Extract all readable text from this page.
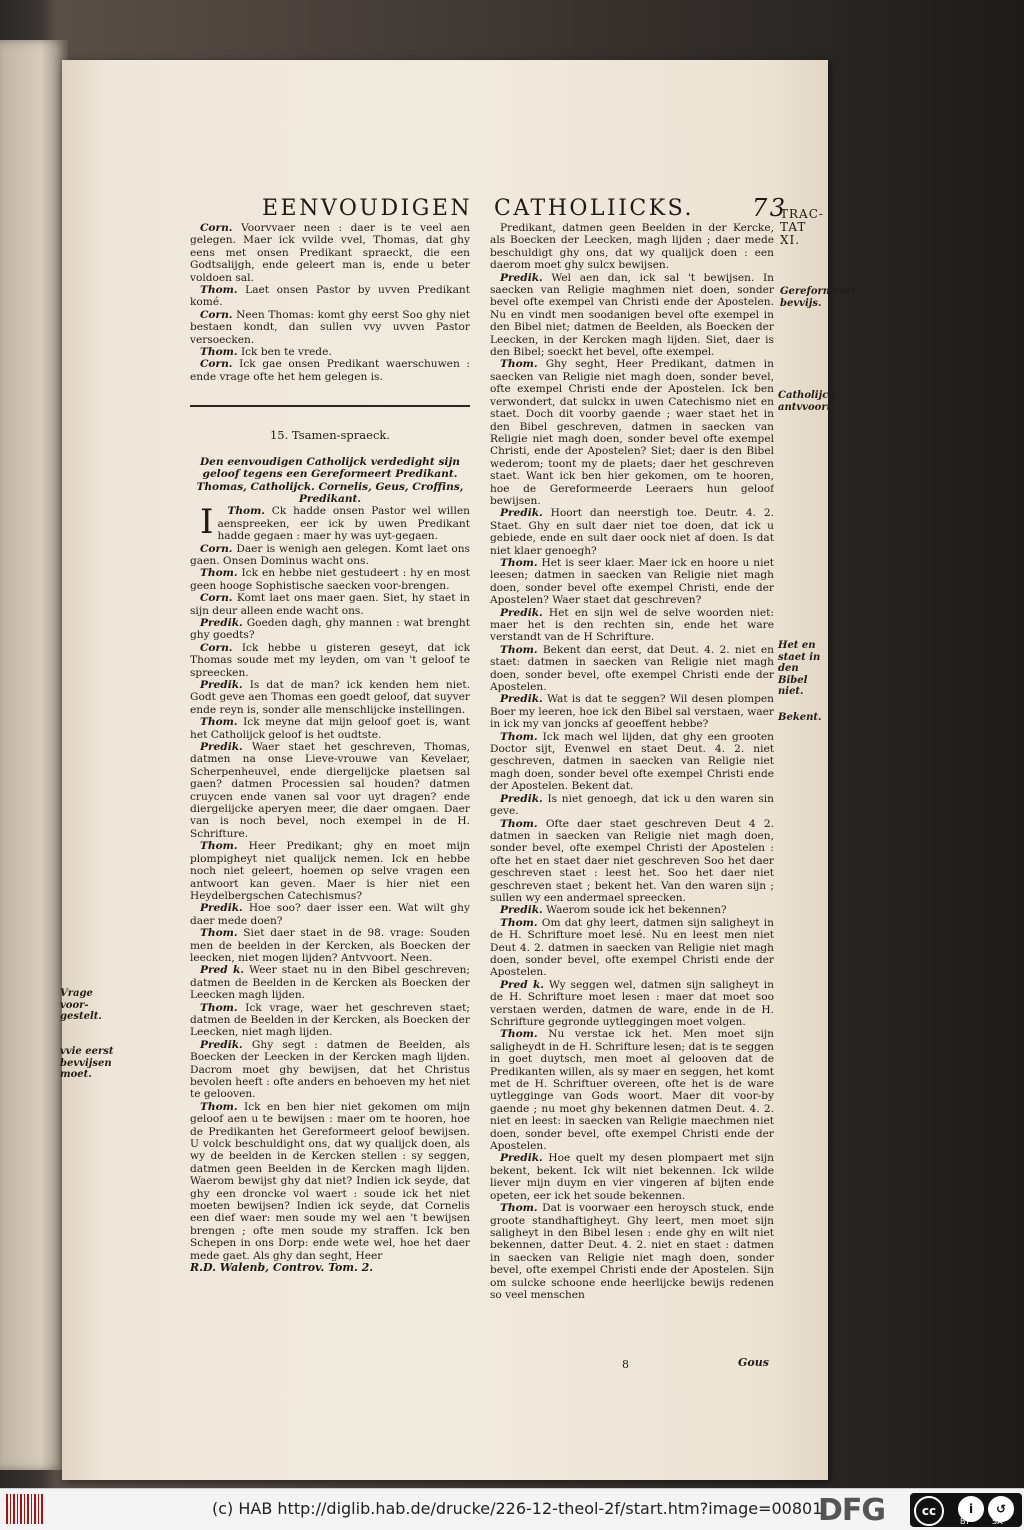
EENVOUDIGEN CATHOLIICKS. 73
TRAC-
TAT XI.

Corn. Voorvvaer neen : daer is te veel aen gelegen. Maer ick vvilde vvel, Thomas, dat ghy eens met onsen Predikant spraeckt, die een Godtsalijgh, ende geleert man is, ende u beter voldoen sal.

Thom. Laet onsen Pastor by uvven Predikant komé.

Corn. Neen Thomas: komt ghy eerst Soo ghy niet bestaen kondt, dan sullen vvy uvven Pastor versoecken.

Thom. Ick ben te vrede.

Corn. Ick gae onsen Predikant waerschuwen : ende vrage ofte het hem gelegen is.

15. Tsamen-spraeck.

Den eenvoudigen Catholijck verdedight sijn geloof tegens een Gereformeert Predikant.

Thomas, Catholijck. Cornelis, Geus, Croffins, Predikant.

I Thom. Ck hadde onsen Pastor wel willen aenspreeken, eer ick by uwen Predikant hadde gegaen : maer hy was uyt-gegaen.

Corn. Daer is wenigh aen gelegen. Komt laet ons gaen. Onsen Dominus wacht ons.

Thom. Ick en hebbe niet gestudeert : hy en most geen hooge Sophistische saecken voor-brengen.

Corn. Komt laet ons maer gaen. Siet, hy staet in sijn deur alleen ende wacht ons.

Predik. Goeden dagh, ghy mannen : wat brenght ghy goedts?

Corn. Ick hebbe u gisteren geseyt, dat ick Thomas soude met my leyden, om van 't geloof te spreecken.

Predik. Is dat de man? ick kenden hem niet. Godt geve aen Thomas een goedt geloof, dat suyver ende reyn is, sonder alle menschlijcke instellingen.

Thom. Ick meyne dat mijn geloof goet is, want het Catholijck geloof is het oudtste.

Predik. Waer staet het geschreven, Thomas, datmen na onse Lieve-vrouwe van Kevelaer, Scherpenheuvel, ende diergelijcke plaetsen sal gaen? datmen Processien sal houden? datmen cruycen ende vanen sal voor uyt dragen? ende diergelijcke aperyen meer, die daer omgaen. Daer van is noch bevel, noch exempel in de H. Schrifture.

Thom. Heer Predikant; ghy en moet mijn plompigheyt niet qualijck nemen. Ick en hebbe noch niet geleert, hoemen op selve vragen een antwoort kan geven. Maer is hier niet een Heydelbergschen Catechismus?

Predik. Hoe soo? daer isser een. Wat wilt ghy daer mede doen?

Thom. Siet daer staet in de 98. vrage: Souden men de beelden in der Kercken, als Boecken der leecken, niet mogen lijden? Antvvoort. Neen.

Pred k. Weer staet nu in den Bibel geschreven; datmen de Beelden in de Kercken als Boecken der Leecken magh lijden.

Thom. Ick vrage, waer het geschreven staet; datmen de Beelden in der Kercken, als Boecken der Leecken, niet magh lijden.

Predik. Ghy segt : datmen de Beelden, als Boecken der Leecken in der Kercken magh lijden. Dacrom moet ghy bewijsen, dat het Christus bevolen heeft : ofte anders en behoeven my het niet te gelooven.

Thom. Ick en ben hier niet gekomen om mijn geloof aen u te bewijsen : maer om te hooren, hoe de Predikanten het Gereformeert geloof bewijsen. U volck beschuldight ons, dat wy qualijck doen, als wy de beelden in de Kercken stellen : sy seggen, datmen geen Beelden in de Kercken magh lijden. Waerom bewijst ghy dat niet? Indien ick seyde, dat ghy een droncke vol waert : soude ick het niet moeten bewijsen? Indien ick seyde, dat Cornelis een dief waer: men soude my wel aen 't bewijsen brengen ; ofte men soude my straffen. Ick ben Schepen in ons Dorp: ende wete wel, hoe het daer mede gaet. Als ghy dan seght, Heer

R.D. Walenb, Controv. Tom. 2.

Predikant, datmen geen Beelden in der Kercke, als Boecken der Leecken, magh lijden ; daer mede beschuldigt ghy ons, dat wy qualijck doen : een daerom moet ghy sulcx bewijsen.

Predik. Wel aen dan, ick sal 't bewijsen. In saecken van Religie maghmen niet doen, sonder bevel ofte exempel van Christi ende der Apostelen. Nu en vindt men soodanigen bevel ofte exempel in den Bibel niet; datmen de Beelden, als Boecken der Leecken, in der Kercken magh lijden. Siet, daer is den Bibel; soeckt het bevel, ofte exempel.

Thom. Ghy seght, Heer Predikant, datmen in saecken van Religie niet magh doen, sonder bevel, ofte exempel Christi ende der Apostelen. Ick ben verwondert, dat sulckx in uwen Catechismo niet en staet. Doch dit voorby gaende ; waer staet het in den Bibel geschreven, datmen in saecken van Religie niet magh doen, sonder bevel ofte exempel Christi, ende der Apostelen? Siet; daer is den Bibel wederom; toont my de plaets; daer het geschreven staet. Want ick ben hier gekomen, om te hooren, hoe de Gereformeerde Leeraers hun geloof bewijsen.

Predik. Hoort dan neerstigh toe. Deutr. 4. 2. Staet. Ghy en sult daer niet toe doen, dat ick u gebiede, ende en sult daer oock niet af doen. Is dat niet klaer genoegh?

Thom. Het is seer klaer. Maer ick en hoore u niet leesen; datmen in saecken van Religie niet magh doen, sonder bevel ofte exempel Christi, ende der Apostelen? Waer staet dat geschreven?

Predik. Het en sijn wel de selve woorden niet: maer het is den rechten sin, ende het ware verstandt van de H Schrifture.

Thom. Bekent dan eerst, dat Deut. 4. 2. niet en staet: datmen in saecken van Religie niet magh doen, sonder bevel, ofte exempel Christi ende der Apostelen.

Predik. Wat is dat te seggen? Wil desen plompen Boer my leeren, hoe ick den Bibel sal verstaen, waer in ick my van joncks af geoeffent hebbe?

Thom. Ick mach wel lijden, dat ghy een grooten Doctor sijt, Evenwel en staet Deut. 4. 2. niet geschreven, datmen in saecken van Religie niet magh doen, sonder bevel ofte exempel Christi ende der Apostelen. Bekent dat.

Predik. Is niet genoegh, dat ick u den waren sin geve.

Thom. Ofte daer staet geschreven Deut 4 2. datmen in saecken van Religie niet magh doen, sonder bevel, ofte exempel Christi der Apostelen : ofte het en staet daer niet geschreven Soo het daer geschreven staet : leest het. Soo het daer niet geschreven staet ; bekent het. Van den waren sijn ; sullen wy een andermael spreecken.

Predik. Waerom soude ick het bekennen?

Thom. Om dat ghy leert, datmen sijn saligheyt in de H. Schrifture moet lesé. Nu en leest men niet Deut 4. 2. datmen in saecken van Religie niet magh doen, sonder bevel, ofte exempel Christi ende der Apostelen.

Pred k. Wy seggen wel, datmen sijn saligheyt in de H. Schrifture moet lesen : maer dat moet soo verstaen werden, datmen de ware, ende in de H. Schrifture gegronde uytleggingen moet volgen.

Thom. Nu verstae ick het. Men moet sijn saligheydt in de H. Schrifture lesen; dat is te seggen in goet duytsch, men moet al gelooven dat de Predikanten willen, als sy maer en seggen, het komt met de H. Schriftuer overeen, ofte het is de ware uytlegginge van Gods woort. Maer dit voor-by gaende ; nu moet ghy bekennen datmen Deut. 4. 2. niet en leest: in saecken van Religie maechmen niet doen, sonder bevel, ofte exempel Christi ende der Apostelen.

Predik. Hoe quelt my desen plompaert met sijn bekent, bekent. Ick wilt niet bekennen. Ick wilde liever mijn duym en vier vingeren af bijten ende opeten, eer ick het soude bekennen.

Thom. Dat is voorwaer een heroysch stuck, ende groote standhaftigheyt. Ghy leert, men moet sijn saligheyt in den Bibel lesen : ende ghy en wilt niet bekennen, datter Deut. 4. 2. niet en staet : datmen in saecken van Religie niet magh doen, sonder bevel, ofte exempel Christi ende der Apostelen. Sijn om sulcke schoone ende heerlijcke bewijs redenen so veel menschen

Gereformeert bevvijs.
Catholijck antvvoort.
Het en staet in den Bibel niet.
Bekent.
Vrage voor-gestelt.
vvie eerst bevvijsen moet.
8	Gous
(c) HAB http://diglib.hab.de/drucke/226-12-theol-2f/start.htm?image=00801
DFG	cc	i	↺
BY	SA
